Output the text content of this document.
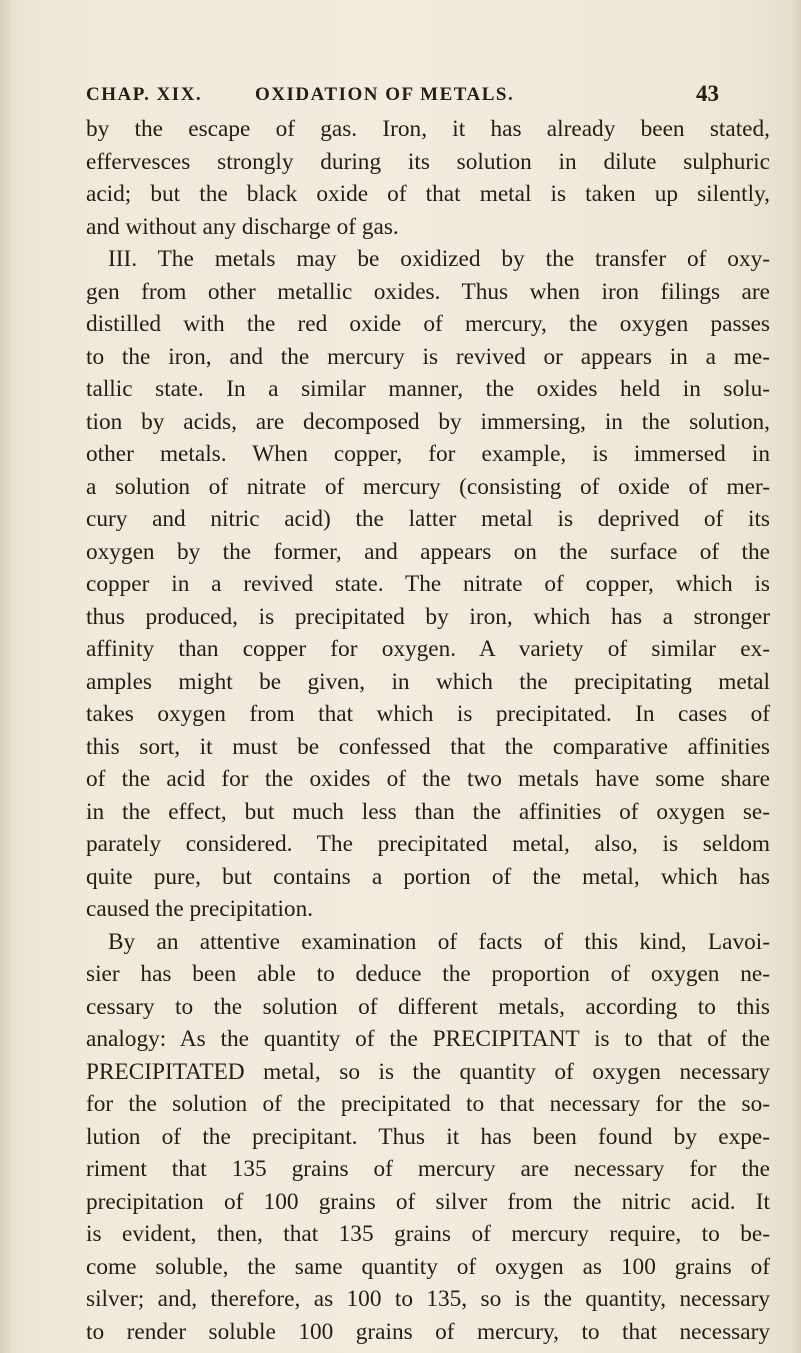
CHAP. XIX.	OXIDATION OF METALS.	43
by the escape of gas. Iron, it has already been stated,
effervesces strongly during its solution in dilute sulphuric
acid; but the black oxide of that metal is taken up silently,
and without any discharge of gas.
III. The metals may be oxidized by the transfer of oxy-
gen from other metallic oxides. Thus when iron filings are
distilled with the red oxide of mercury, the oxygen passes
to the iron, and the mercury is revived or appears in a me-
tallic state. In a similar manner, the oxides held in solu-
tion by acids, are decomposed by immersing, in the solution,
other metals. When copper, for example, is immersed in
a solution of nitrate of mercury (consisting of oxide of mer-
cury and nitric acid) the latter metal is deprived of its
oxygen by the former, and appears on the surface of the
copper in a revived state. The nitrate of copper, which is
thus produced, is precipitated by iron, which has a stronger
affinity than copper for oxygen. A variety of similar ex-
amples might be given, in which the precipitating metal
takes oxygen from that which is precipitated. In cases of
this sort, it must be confessed that the comparative affinities
of the acid for the oxides of the two metals have some share
in the effect, but much less than the affinities of oxygen se-
parately considered. The precipitated metal, also, is seldom
quite pure, but contains a portion of the metal, which has
caused the precipitation.
By an attentive examination of facts of this kind, Lavoi-
sier has been able to deduce the proportion of oxygen ne-
cessary to the solution of different metals, according to this
analogy: As the quantity of the PRECIPITANT is to that of the
PRECIPITATED metal, so is the quantity of oxygen necessary
for the solution of the precipitated to that necessary for the so-
lution of the precipitant. Thus it has been found by expe-
riment that 135 grains of mercury are necessary for the
precipitation of 100 grains of silver from the nitric acid. It
is evident, then, that 135 grains of mercury require, to be-
come soluble, the same quantity of oxygen as 100 grains of
silver; and, therefore, as 100 to 135, so is the quantity, necessary
to render soluble 100 grains of mercury, to that necessary
